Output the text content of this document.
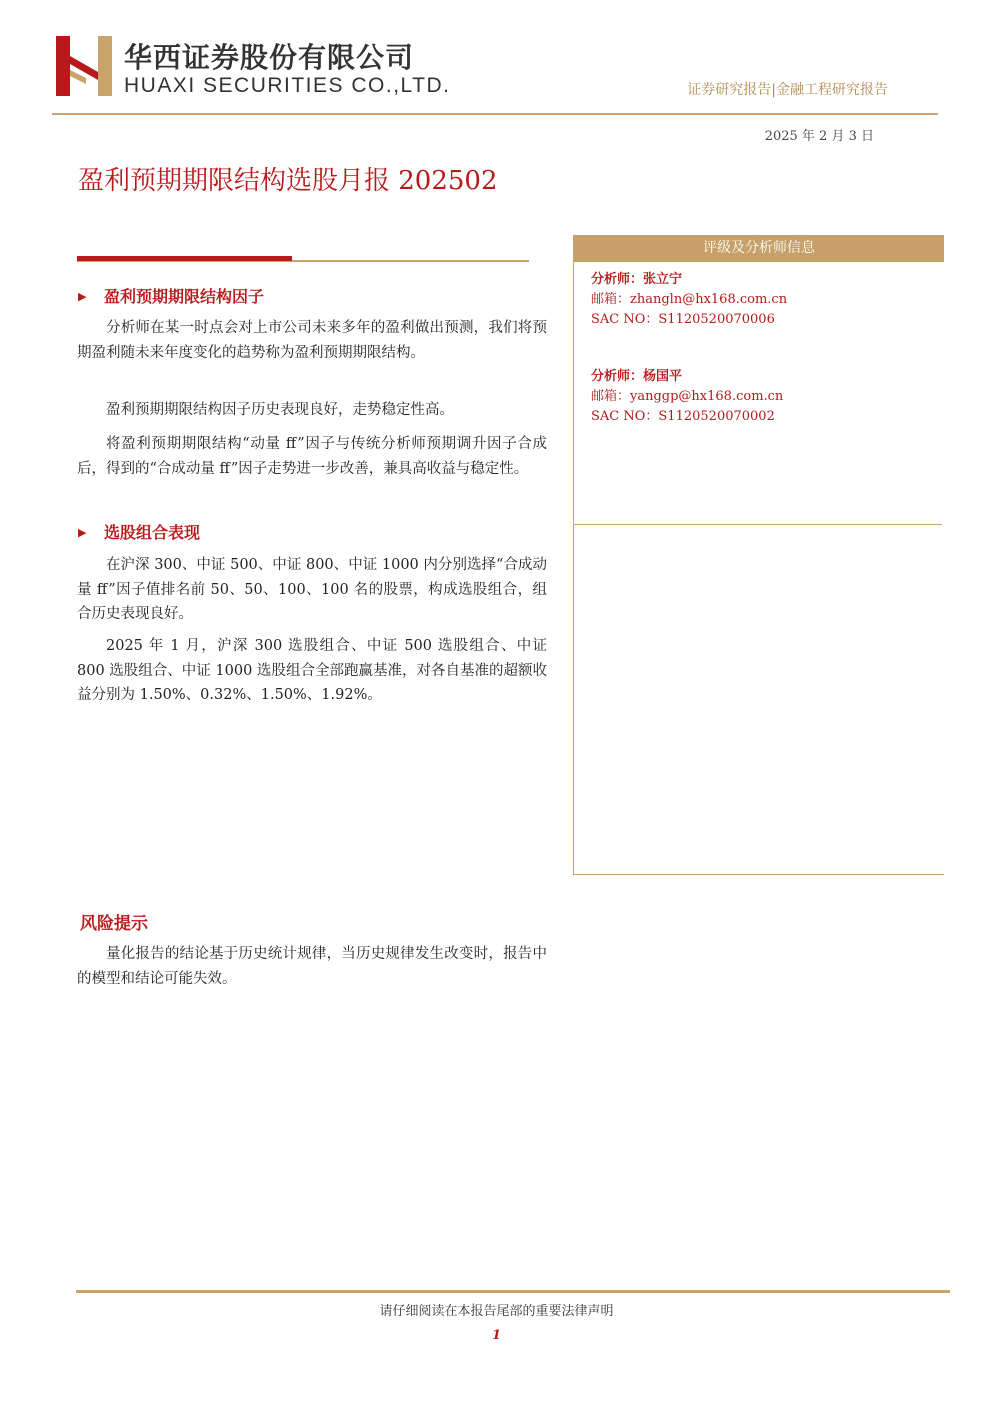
华西证券股份有限公司
HUAXI SECURITIES CO.,LTD.	证券研究报告|金融工程研究报告
2025 年 2 月 3 日
盈利预期期限结构选股月报 202502
▶ 盈利预期期限结构因子
分析师在某一时点会对上市公司未来多年的盈利做出预测，我们将预期盈利随未来年度变化的趋势称为盈利预期期限结构。
盈利预期期限结构因子历史表现良好，走势稳定性高。
将盈利预期期限结构“动量 ff”因子与传统分析师预期调升因子合成后，得到的“合成动量 ff”因子走势进一步改善，兼具高收益与稳定性。
▶ 选股组合表现
在沪深 300、中证 500、中证 800、中证 1000 内分别选择“合成动量 ff”因子值排名前 50、50、100、100 名的股票，构成选股组合，组合历史表现良好。
2025 年 1 月，沪深 300 选股组合、中证 500 选股组合、中证 800 选股组合、中证 1000 选股组合全部跑赢基准，对各自基准的超额收益分别为 1.50%、0.32%、1.50%、1.92%。
评级及分析师信息
分析师：张立宁
邮箱：zhangln@hx168.com.cn
SAC NO：S1120520070006
分析师：杨国平
邮箱：yanggp@hx168.com.cn
SAC NO：S1120520070002
风险提示
量化报告的结论基于历史统计规律，当历史规律发生改变时，报告中的模型和结论可能失效。
请仔细阅读在本报告尾部的重要法律声明
1
